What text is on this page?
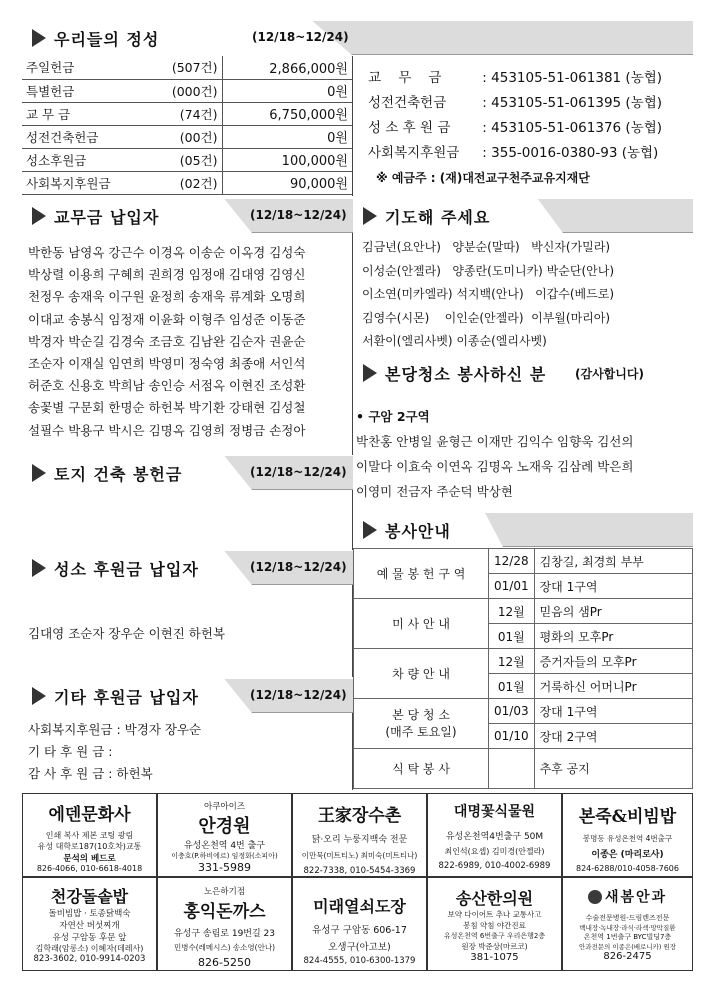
우리들의 정성	(12/18~12/24)
주일헌금	(507건)	2,866,000원
특별헌금	(000건)	0원
교 무 금	(74건)	6,750,000원
성전건축헌금	(00건)	0원
성소후원금	(05건)	100,000원
사회복지후원금	(02건)	90,000원
교    무    금	: 453105-51-061381 (농협)
성전건축헌금 : 453105-51-061395 (농협)
성 소 후 원 금 : 453105-51-061376 (농협)
사회복지후원금 : 355-0016-0380-93 (농협)
※ 예금주 : (재)대전교구천주교유지재단
교무금 납입자	(12/18~12/24)
박한동 남영옥 강근수 이경옥 이송순 이옥경 김성숙
박상렬 이용희 구혜희 권희경 임정애 김대영 김영신
천정우 송재욱 이구원 윤정희 송재욱 류계화 오명희
이대교 송봉식 임정재 이윤화 이형주 임성준 이동준
박경자 박순길 김경숙 조금호 김남완 김순자 권윤순
조순자 이재실 임연희 박영미 정숙영 최종애 서인석
허준호 신용호 박희남 송인승 서점옥 이현진 조성환
송꽃별 구문회 한명순 하헌복 박기환 강태현 김성철
설필수 박용구 박시은 김명옥 김영희 정병금 손정아
기도해 주세요
김금년(요안나)   양분순(말따)   박신자(가밀라)
이성순(안젤라)   양종란(도미니카) 박순단(안나)
이소연(미카엘라) 석지백(안나)   이갑수(베드로)
김영수(시몬)    이인순(안젤라)  이부월(마리아)
서환이(엘리사벳) 이종순(엘리사벳)
본당청소 봉사하신 분 (감사합니다)
• 구암 2구역
박찬홍 안병일 윤형근 이재만 김익수 임향욱 김선의
이말다 이효숙 이연옥 김명옥 노재욱 김삼례 박은희
이영미 전금자 주순덕 박상현
토지 건축 봉헌금	(12/18~12/24)
성소 후원금 납입자	(12/18~12/24)
김대영 조순자 장우순 이현진 하헌복
기타 후원금 납입자	(12/18~12/24)
사회복지후원금 : 박경자 장우순
기 타 후 원 금 :
감 사 후 원 금 : 하헌복
봉사안내
예 물 봉 헌 구 역	12/28	김창길, 최경희 부부
	01/01	장대 1구역
미 사 안 내	12월	믿음의 샘Pr
	01월	평화의 모후Pr
차 량 안 내	12월	증거자들의 모후Pr
	01월	거룩하신 어머니Pr
본 당 청 소
(매주 토요일)	01/03	장대 1구역
	01/10	장대 2구역
식 탁 봉 사		추후 공지
에덴문화사
인쇄 복사 제본 코팅 광림
유성 대학로187(10호차)교통
문석의 베드로
826-4066, 010-6618-4018
아쿠아이즈
안경원
유성온천역 4번 출구
이충호(P.하비에르) 임정화(소피아)
331-5989
王家장수촌
닭·오리 누룽지백숙 전문
이만묵(미트티노) 최미숙(미트티나)
822-7338, 010-5454-3369
대명꽃식물원
유성온천역4번출구 50M
최인석(요셉) 김미경(안젤라)
822-6989, 010-4002-6989
본죽&비빔밥
봉명동 유성온천역 4번출구
이종은 (마리로사)
824-6288/010-4058-7606
천강돌솥밥
돌비빔밥 · 토종닭백숙
자연산 버섯찌개
유성 구암동 후문 앞
김학래(암롱소) 이혜자(데레사)
823-3602, 010-9914-0203
노은하기점
홍익돈까스
유성구 송림로 19번길 23
민병수(레메시스) 송소영(안나)
826-5250
미래열쇠도장
유성구 구암동 606-17
오생구(아고보)
824-4555, 010-6300-1379
송산한의원
보약 다이어트 추나 교통사고
봉침 약침 야간진료
유성온천역 6번출구 우리은행2층
원장 박준상(마르코)
381-1075
새봄안과
수술전문병원-드림렌즈전문
백내장·녹내장·라식·라섹·망막질환
온천역 1번출구 BYC빌딩7층
안과전문의 이종은(베로니카) 원장
826-2475
